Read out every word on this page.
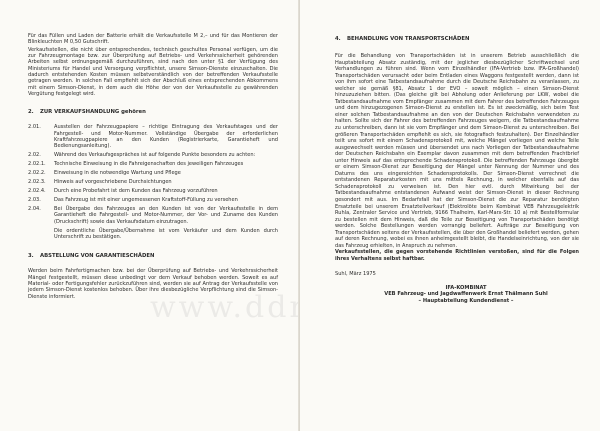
Für das Füllen und Laden der Batterie erhält die Verkaufsstelle M 2,– und für das Montieren der Blinkleuchten M 0,50 Gutschrift.

Verkaufsstellen, die nicht über entsprechendes, technisch geschultes Personal verfügen, um die zur Fahrzeugmontage bzw. zur Überprüfung auf Betriebs- und Verkehrssicherheit gehörenden Arbeiten selbst ordnungsgemäß durchzuführen, sind nach den unter §1 der Verfügung des Ministeriums für Handel und Versorgung verpflichtet, unsere Simson-Dienste einzuschalten. Die dadurch entstehenden Kosten müssen selbstverständlich von der betreffenden Verkaufsstelle getragen werden. In solchen Fall empfiehlt sich der Abschluß eines entsprechenden Abkommens mit einem Simson-Dienst, in dem auch die Höhe der von der Verkaufsstelle zu gewährenden Vergütung festgelegt wird.

2. ZUR VERKAUFSHANDLUNG gehören
2.01.	Ausstellen der Fahrzeugpapiere – richtige Eintragung des Verkaufstages und der Fahrgestell- und Motor-Nummer. Vollständige Übergabe der erforderlichen Kraftfahrzeugpapiere an den Kunden (Registrierkarte, Garantieheft und Bedienungsanleitung).
2.02.	Während des Verkaufsgespräches ist auf folgende Punkte besonders zu achten:
2.02.1.	Technische Einweisung in die Fahreigenschaften des jeweiligen Fahrzeuges
2.02.2.	Einweisung in die notwendige Wartung und Pflege
2.02.3.	Hinweis auf vorgeschriebene Durchsichtungen
2.02.4.	Durch eine Probefahrt ist dem Kunden das Fahrzeug vorzuführen
2.03.	Das Fahrzeug ist mit einer ungemessenen Kraftstoff-Füllung zu versehen
2.04.	Bei Übergabe des Fahrzeuges an den Kunden ist von der Verkaufsstelle in dem Garantieheft die Fahrgestell- und Motor-Nummer, der Vor- und Zuname des Kunden (Druckschrift) sowie das Verkaufsdatum einzutragen.
Die ordentliche Übergabe/Übernahme ist vom Verkäufer und dem Kunden durch Unterschrift zu bestätigen.
3. ABSTELLUNG VON GARANTIESCHÄDEN

Werden beim Fahrfertigmachen bzw. bei der Überprüfung auf Betriebs- und Verkehrssicherheit Mängel festgestellt, müssen diese unbedingt vor dem Verkauf behoben werden. Soweit es auf Material- oder Fertigungsfehler zurückzuführen sind, werden sie auf Antrag der Verkaufsstelle von jedem Simson-Dienst kostenlos behoben. Über ihre diesbezügliche Verpflichtung sind die Simson-Dienste informiert.	www.ddrmo
4. BEHANDLUNG VON TRANSPORTSCHÄDEN

Für die Behandlung von Transportschäden ist in unserem Betrieb ausschließlich die Hauptabteilung Absatz zuständig, mit der jeglicher diesbezüglicher Schriftwechsel und Verhandlungen zu führen sind. Wenn vom Einzelhändler (IFA-Vertrieb bzw. IFA-Großhandel) Transportschäden verursacht oder beim Entladen eines Waggons festgestellt werden, dann ist von ihm sofort eine Tatbestandsaufnahme durch die Deutsche Reichsbahn zu veranlassen, zu welcher sie gemäß §81, Absatz 1 der EVO – soweit möglich – einen Simson-Dienst hinzuzuziehen bitten. (Das gleiche gilt bei Abholung oder Anlieferung per LKW, wobei die Tatbestandsaufnahme vom Empfänger zusammen mit dem Fahrer des betreffenden Fahrzeuges und dem hinzugezogenen Simson-Dienst zu erstellen ist. Es ist zweckmäßig, sich beim Test einer solchen Tatbestandsaufnahme an den von der Deutschen Reichsbahn verwendeten zu halten. Sollte sich der Fahrer des betreffenden Fahrzeuges weigern, die Tatbestandsaufnahme zu unterschreiben, dann ist sie vom Empfänger und dem Simson-Dienst zu unterschreiben. Bei größeren Transportschäden empfiehlt es sich, sie fotografisch festzuhalten). Der Einzelhändler teilt uns sofort mit einem Schadensprotokoll mit, welche Mängel vorliegen und welche Teile ausgewechselt werden müssen und übersendet uns nach Vorliegen der Tatbestandsaufnahme der Deutschen Reichsbahn ein Exemplar davon zusammen mit dem betreffenden Frachtbrief unter Hinweis auf das entsprechende Schadensprotokoll. Die betreffenden Fahrzeuge übergibt er einem Simson-Dienst zur Beseitigung der Mängel unter Nennung der Nummer und des Datums des uns eingereichten Schadensprotokolls. Der Simson-Dienst verrechnet die entstandenen Reparaturkosten mit uns mittels Rechnung, in welcher ebenfalls auf das Schadensprotokoll zu verweisen ist. Den hier evtl. durch Mitwirkung bei der Tatbestandsaufnahme entstandenen Aufwand weist der Simson-Dienst in dieser Rechnung gesondert mit aus. Im Bedarfsfall hat der Simson-Dienst die zur Reparatur benötigten Ersatzteile bei unserem Ersatzteilverkauf (Elektrolöte beim Kombinat VEB Fahrzeugelektrik Ruhla, Zentraler Service und Vertrieb, 9166 Thalheim, Karl-Marx-Str. 10 a) mit Bestellformular zu bestellen mit dem Hinweis, daß die Teile zur Beseitigung von Transportschäden benötigt werden. Solche Bestellungen werden vorrangig beliefert. Aufträge zur Beseitigung von Transportschäden seitens der Verkaufsstellen, die über den Großhandel beliefert werden, gehen auf deren Rechnung, wobei es ihnen anheimgestellt bleibt, die Handelseinrichtung, von der sie das Fahrzeug erhielten, in Anspruch zu nehmen.

Verkaufsstellen, die gegen vorstehende Richtlinien verstoßen, sind für die Folgen ihres Verhaltens selbst haftbar.

Suhl, März 1975

IFA-KOMBINAT
VEB Fahrzeug- und Jagdwaffenwerk Ernst Thälmann Suhl
– Hauptabteilung Kundendienst –
